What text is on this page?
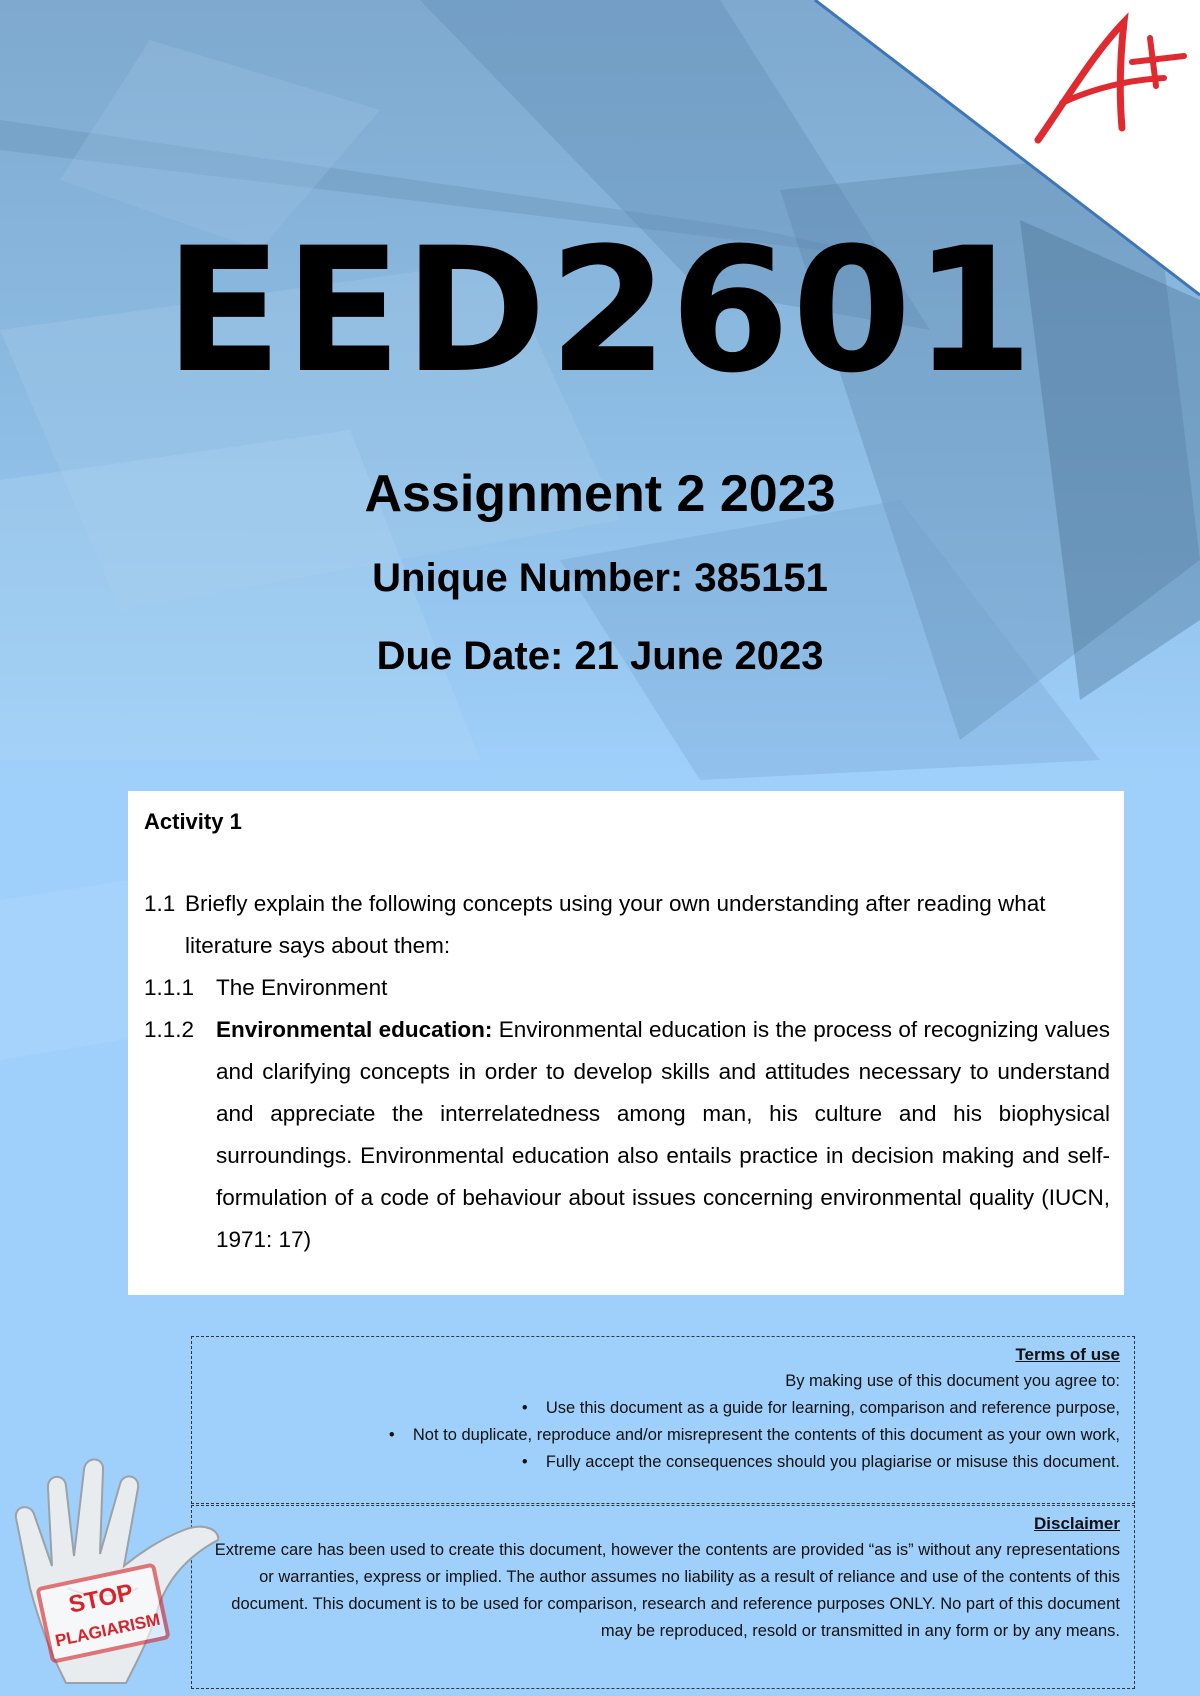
EED2601
Assignment 2 2023
Unique Number: 385151
Due Date: 21 June 2023
Activity 1
1.1 Briefly explain the following concepts using your own understanding after reading what literature says about them:
1.1.1 The Environment
1.1.2 Environmental education: Environmental education is the process of recognizing values and clarifying concepts in order to develop skills and attitudes necessary to understand and appreciate the interrelatedness among man, his culture and his biophysical surroundings. Environmental education also entails practice in decision making and self-formulation of a code of behaviour about issues concerning environmental quality (IUCN, 1971: 17)
Terms of use
By making use of this document you agree to:
• Use this document as a guide for learning, comparison and reference purpose,
• Not to duplicate, reproduce and/or misrepresent the contents of this document as your own work,
• Fully accept the consequences should you plagiarise or misuse this document.
Disclaimer
Extreme care has been used to create this document, however the contents are provided “as is” without any representations or warranties, express or implied. The author assumes no liability as a result of reliance and use of the contents of this document. This document is to be used for comparison, research and reference purposes ONLY. No part of this document may be reproduced, resold or transmitted in any form or by any means.
STOP
PLAGIARISM
